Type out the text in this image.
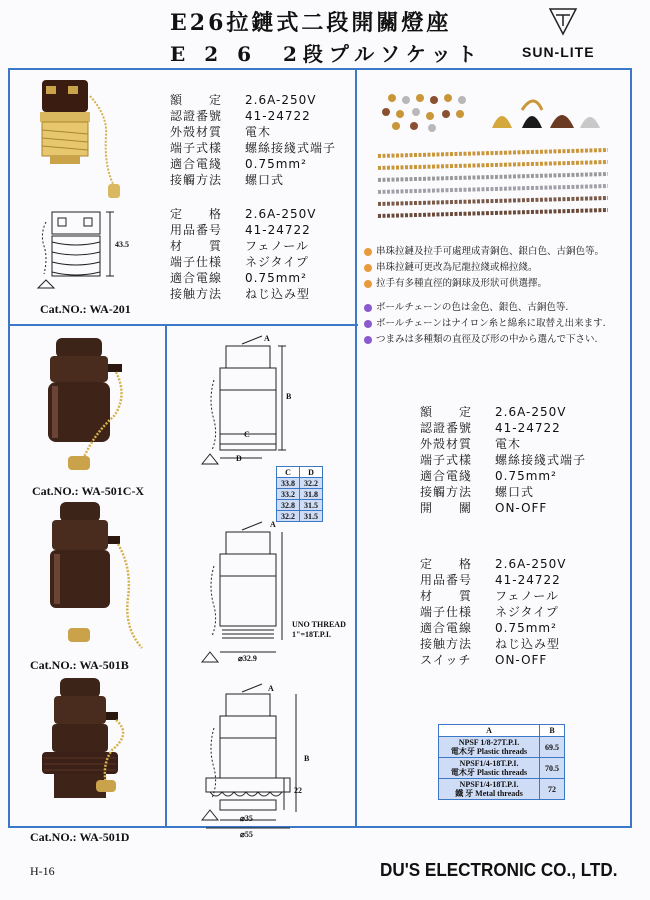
E26拉鏈式二段開關燈座
E 2 6　2段プルソケット	SUN-LITE
43.5
Cat.NO.: WA-201
額　　定	2.6A-250V
認證番號	41-24722
外殼材質	電木
端子式樣	螺絲接綫式端子
適合電綫	0.75mm²
接觸方法	螺口式
定　　格	2.6A-250V
用品番号	41-24722
材　　質	フェノール
端子仕様	ネジタイプ
適合電線	0.75mm²
接触方法	ねじ込み型
串珠拉鏈及拉手可處理成青銅色、銀白色、古銅色等。
串珠拉鏈可更改為尼龍拉綫或棉拉綫。
拉手有多種直徑的銅球及形狀可供選擇。
ボールチェーンの色は金色、銀色、古銅色等.
ボールチェーンはナイロン糸と綿糸に取替え出来ます.
つまみは多種類の直徑及び形の中から選んで下さい.
Cat.NO.: WA-501C-X
Cat.NO.: WA-501B
Cat.NO.: WA-501D
A
B
C
D
C	D
33.8	32.2
33.2	31.8
32.8	31.5
32.2	31.5
A
UNO THREAD
1"=18T.P.I.
⌀32.9
A
B
22
⌀35
⌀55
額　　定	2.6A-250V
認證番號	41-24722
外殼材質	電木
端子式樣	螺絲接綫式端子
適合電綫	0.75mm²
接觸方法	螺口式
開　　關	ON-OFF
定　　格	2.6A-250V
用品番号	41-24722
材　　質	フェノール
端子仕様	ネジタイプ
適合電線	0.75mm²
接触方法	ねじ込み型
スイッチ	ON-OFF
A	B
NPSF 1/8-27T.P.I.
電木牙 Plastic threads	69.5
NPSF1/4-18T.P.I.
電木牙 Plastic threads	70.5
NPSF1/4-18T.P.I.
鐵 牙 Metal threads	72
H-16	DU'S ELECTRONIC CO., LTD.
